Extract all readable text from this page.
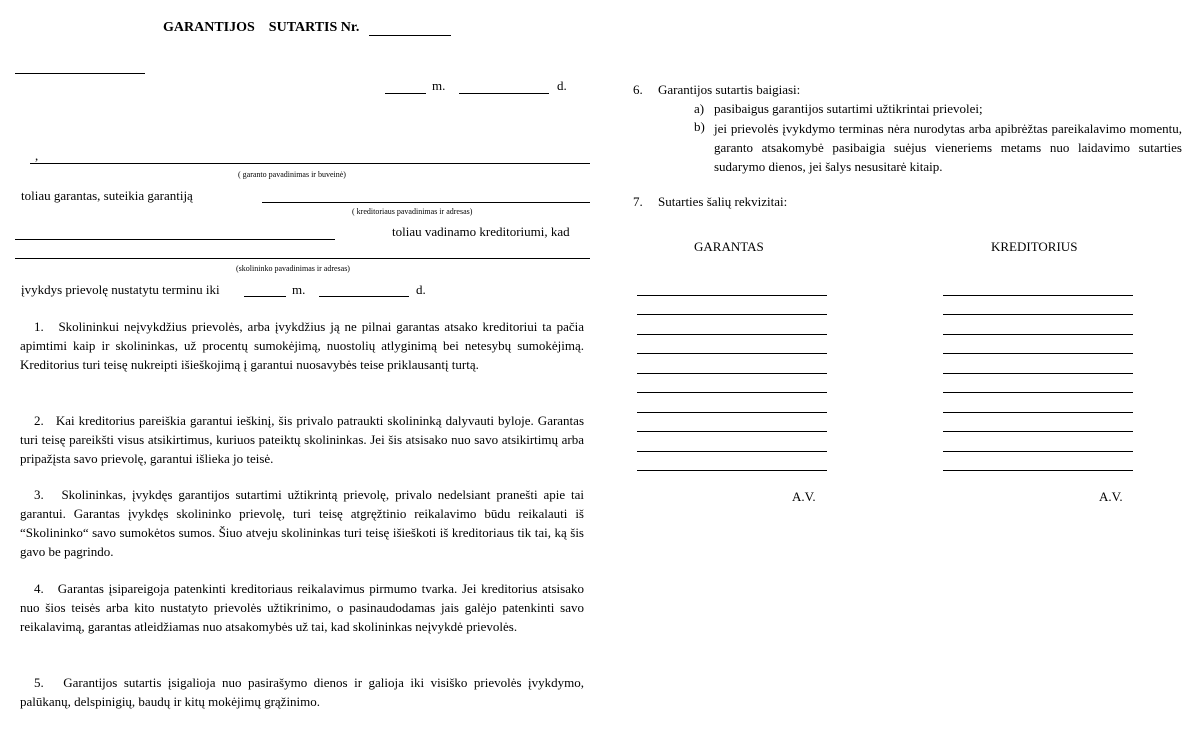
GARANTIJOS    SUTARTIS Nr.
m.	d.
,
( garanto pavadinimas ir buveinė)
toliau garantas, suteikia garantiją
( kreditoriaus pavadinimas ir adresas)
toliau vadinamo kreditoriumi, kad
(skolininko pavadinimas ir adresas)
įvykdys prievolę nustatytu terminu iki	m.	d.
1. Skolininkui neįvykdžius prievolės, arba įvykdžius ją ne pilnai garantas atsako kreditoriui ta pačia apimtimi kaip ir skolininkas, už procentų sumokėjimą, nuostolių atlyginimą bei netesybų sumokėjimą. Kreditorius turi teisę nukreipti išieškojimą į garantui nuosavybės teise priklausantį turtą.
2. Kai kreditorius pareiškia garantui ieškinį, šis privalo patraukti skolininką dalyvauti byloje. Garantas turi teisę pareikšti visus atsikirtimus, kuriuos pateiktų skolininkas. Jei šis atsisako nuo savo atsikirtimų arba pripažįsta savo prievolę, garantui išlieka jo teisė.
3. Skolininkas, įvykdęs garantijos sutartimi užtikrintą prievolę, privalo nedelsiant pranešti apie tai garantui. Garantas įvykdęs skolininko prievolę, turi teisę atgręžtinio reikalavimo būdu reikalauti iš “Skolininko“ savo sumokėtos sumos. Šiuo atveju skolininkas turi teisę išieškoti iš kreditoriaus tik tai, ką šis gavo be pagrindo.
4. Garantas įsipareigoja patenkinti kreditoriaus reikalavimus pirmumo tvarka. Jei kreditorius atsisako nuo šios teisės arba kito nustatyto prievolės užtikrinimo, o pasinaudodamas jais galėjo patenkinti savo reikalavimą, garantas atleidžiamas nuo atsakomybės už tai, kad skolininkas neįvykdė prievolės.
5. Garantijos sutartis įsigalioja nuo pasirašymo dienos ir galioja iki visiško prievolės įvykdymo, palūkanų, delspinigių, baudų ir kitų mokėjimų grąžinimo.
6. Garantijos sutartis baigiasi:
a) pasibaigus garantijos sutartimi užtikrintai prievolei;
b) jei prievolės įvykdymo terminas nėra nurodytas arba apibrėžtas pareikalavimo momentu, garanto atsakomybė pasibaigia suėjus vieneriems metams nuo laidavimo sutarties sudarymo dienos, jei šalys nesusitarė kitaip.
7. Sutarties šalių rekvizitai:
GARANTAS	KREDITORIUS
A.V.	A.V.
